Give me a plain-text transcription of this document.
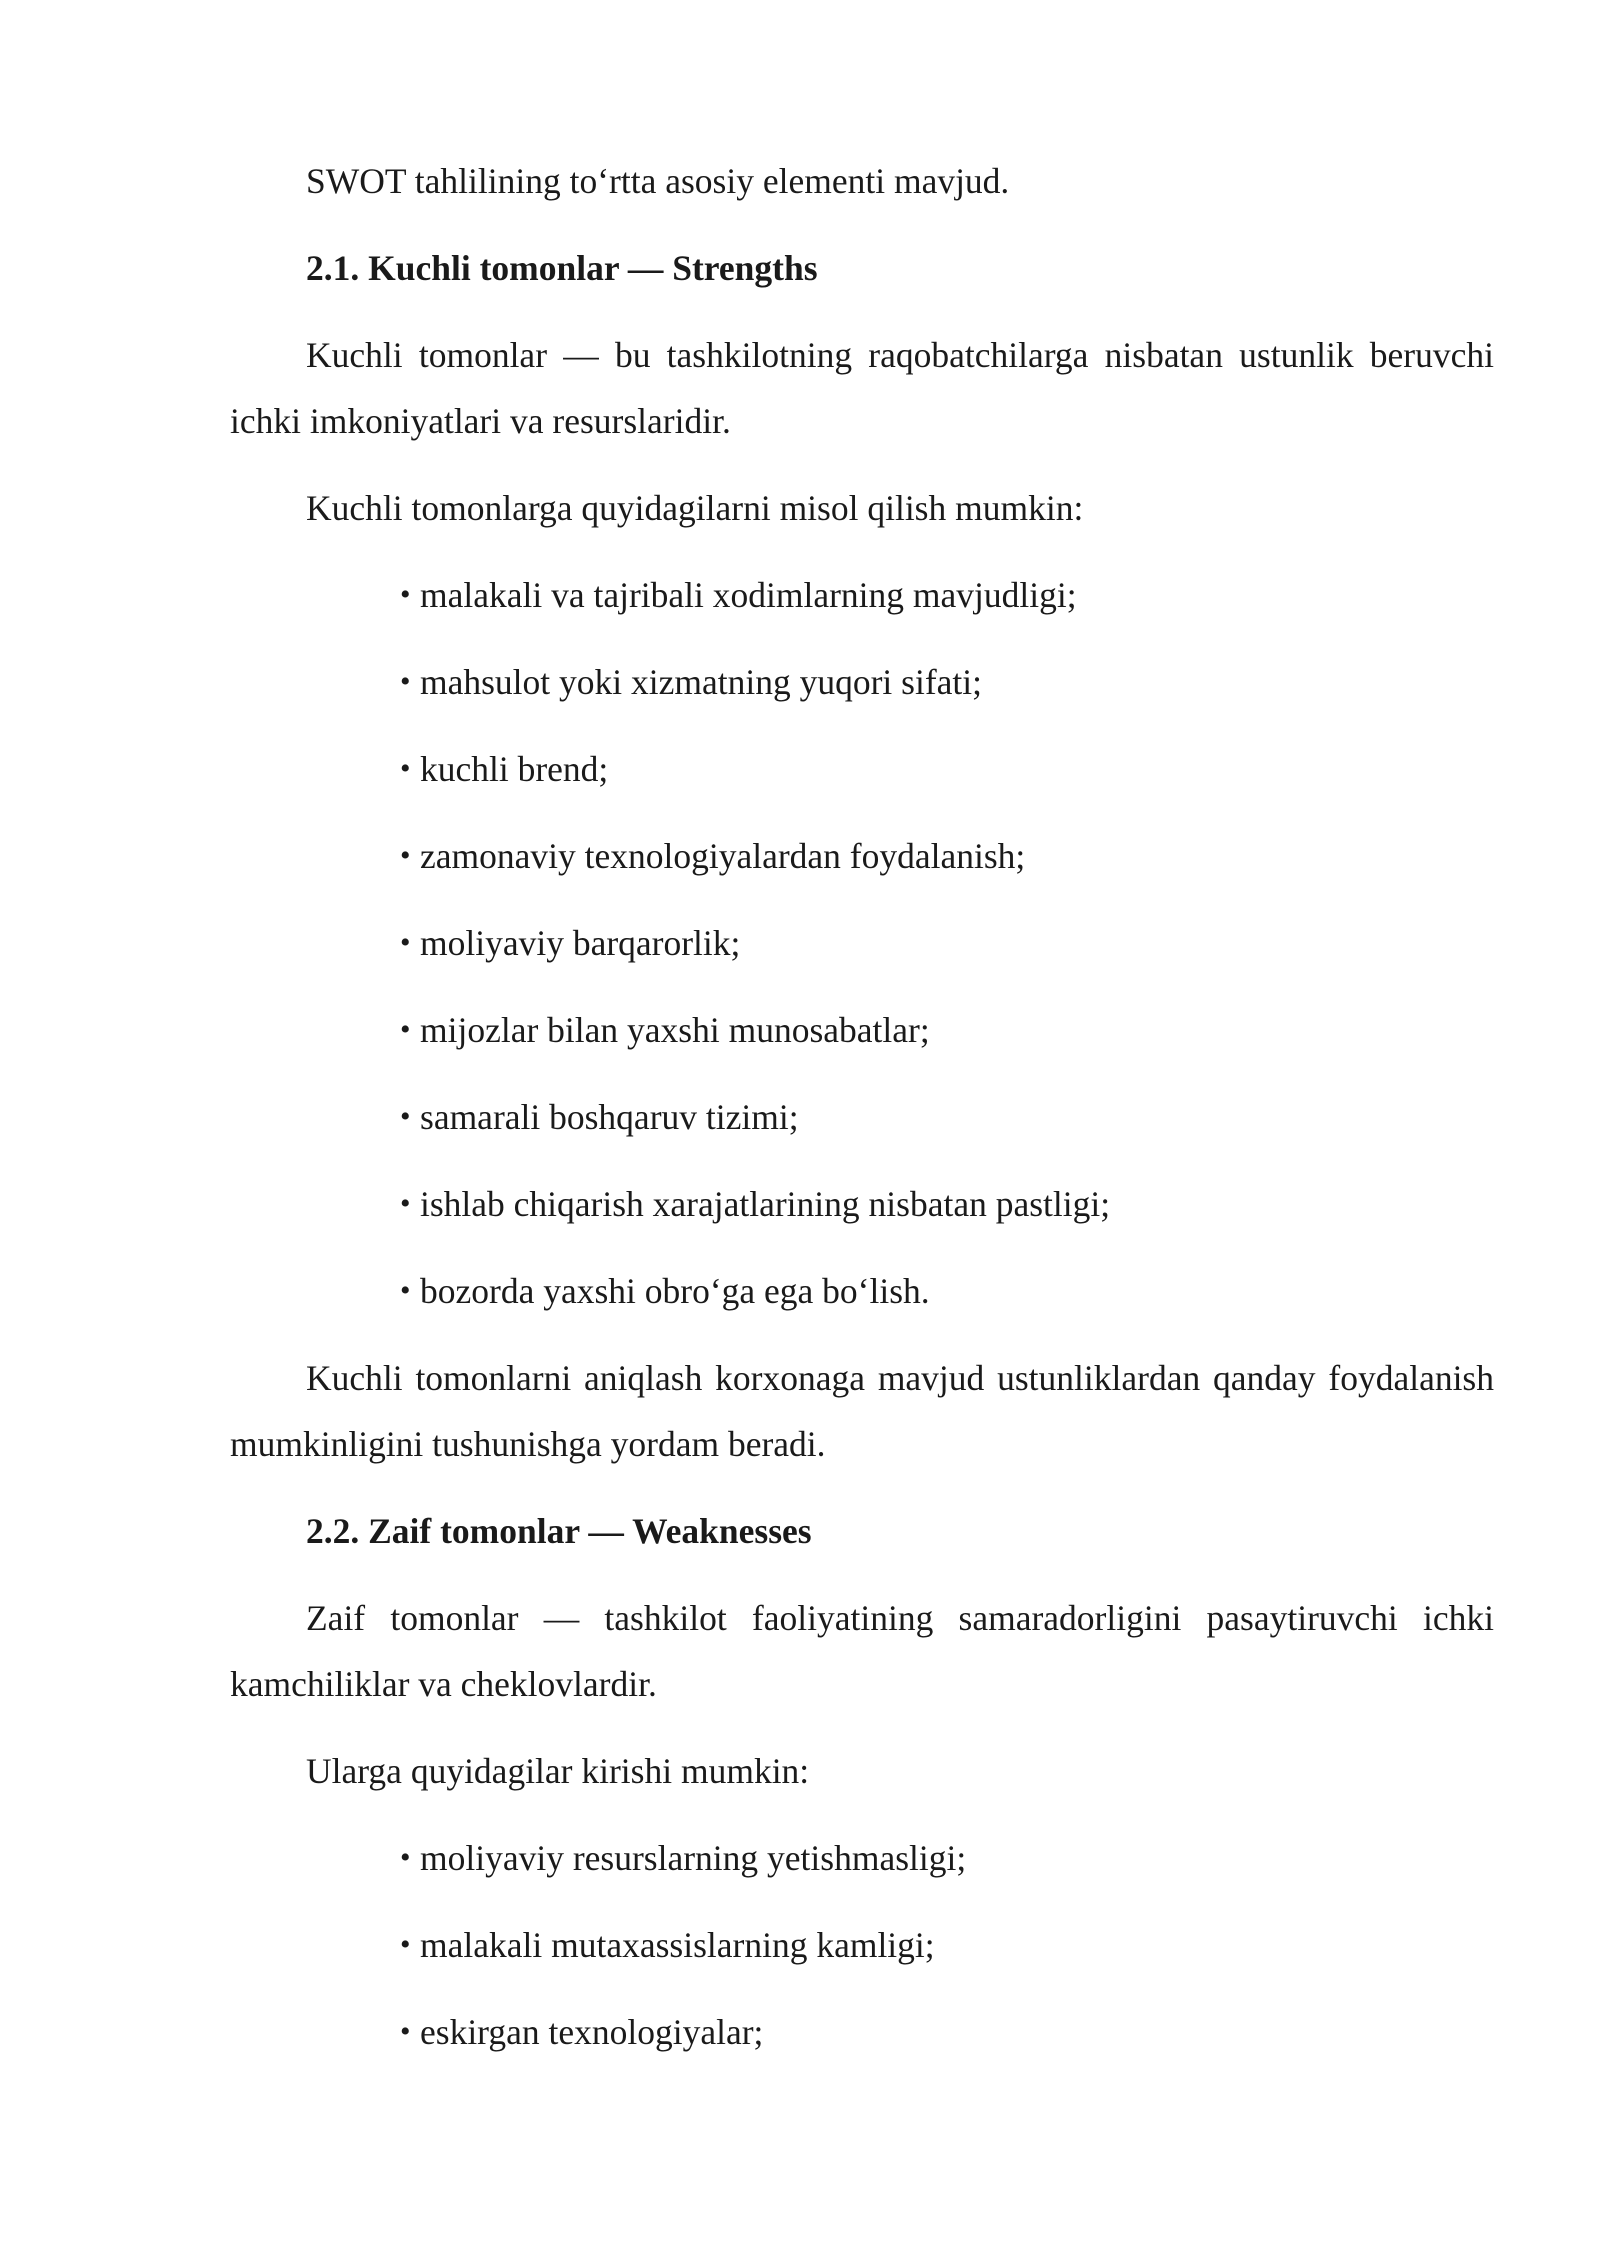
SWOT tahlilining to‘rtta asosiy elementi mavjud.

2.1. Kuchli tomonlar — Strengths

Kuchli tomonlar — bu tashkilotning raqobatchilarga nisbatan ustunlik beruvchi ichki imkoniyatlari va resurslaridir.

Kuchli tomonlarga quyidagilarni misol qilish mumkin:

• malakali va tajribali xodimlarning mavjudligi;
• mahsulot yoki xizmatning yuqori sifati;
• kuchli brend;
• zamonaviy texnologiyalardan foydalanish;
• moliyaviy barqarorlik;
• mijozlar bilan yaxshi munosabatlar;
• samarali boshqaruv tizimi;
• ishlab chiqarish xarajatlarining nisbatan pastligi;
• bozorda yaxshi obro‘ga ega bo‘lish.

Kuchli tomonlarni aniqlash korxonaga mavjud ustunliklardan qanday foydalanish mumkinligini tushunishga yordam beradi.

2.2. Zaif tomonlar — Weaknesses

Zaif tomonlar — tashkilot faoliyatining samaradorligini pasaytiruvchi ichki kamchiliklar va cheklovlardir.

Ularga quyidagilar kirishi mumkin:

• moliyaviy resurslarning yetishmasligi;
• malakali mutaxassislarning kamligi;
• eskirgan texnologiyalar;
